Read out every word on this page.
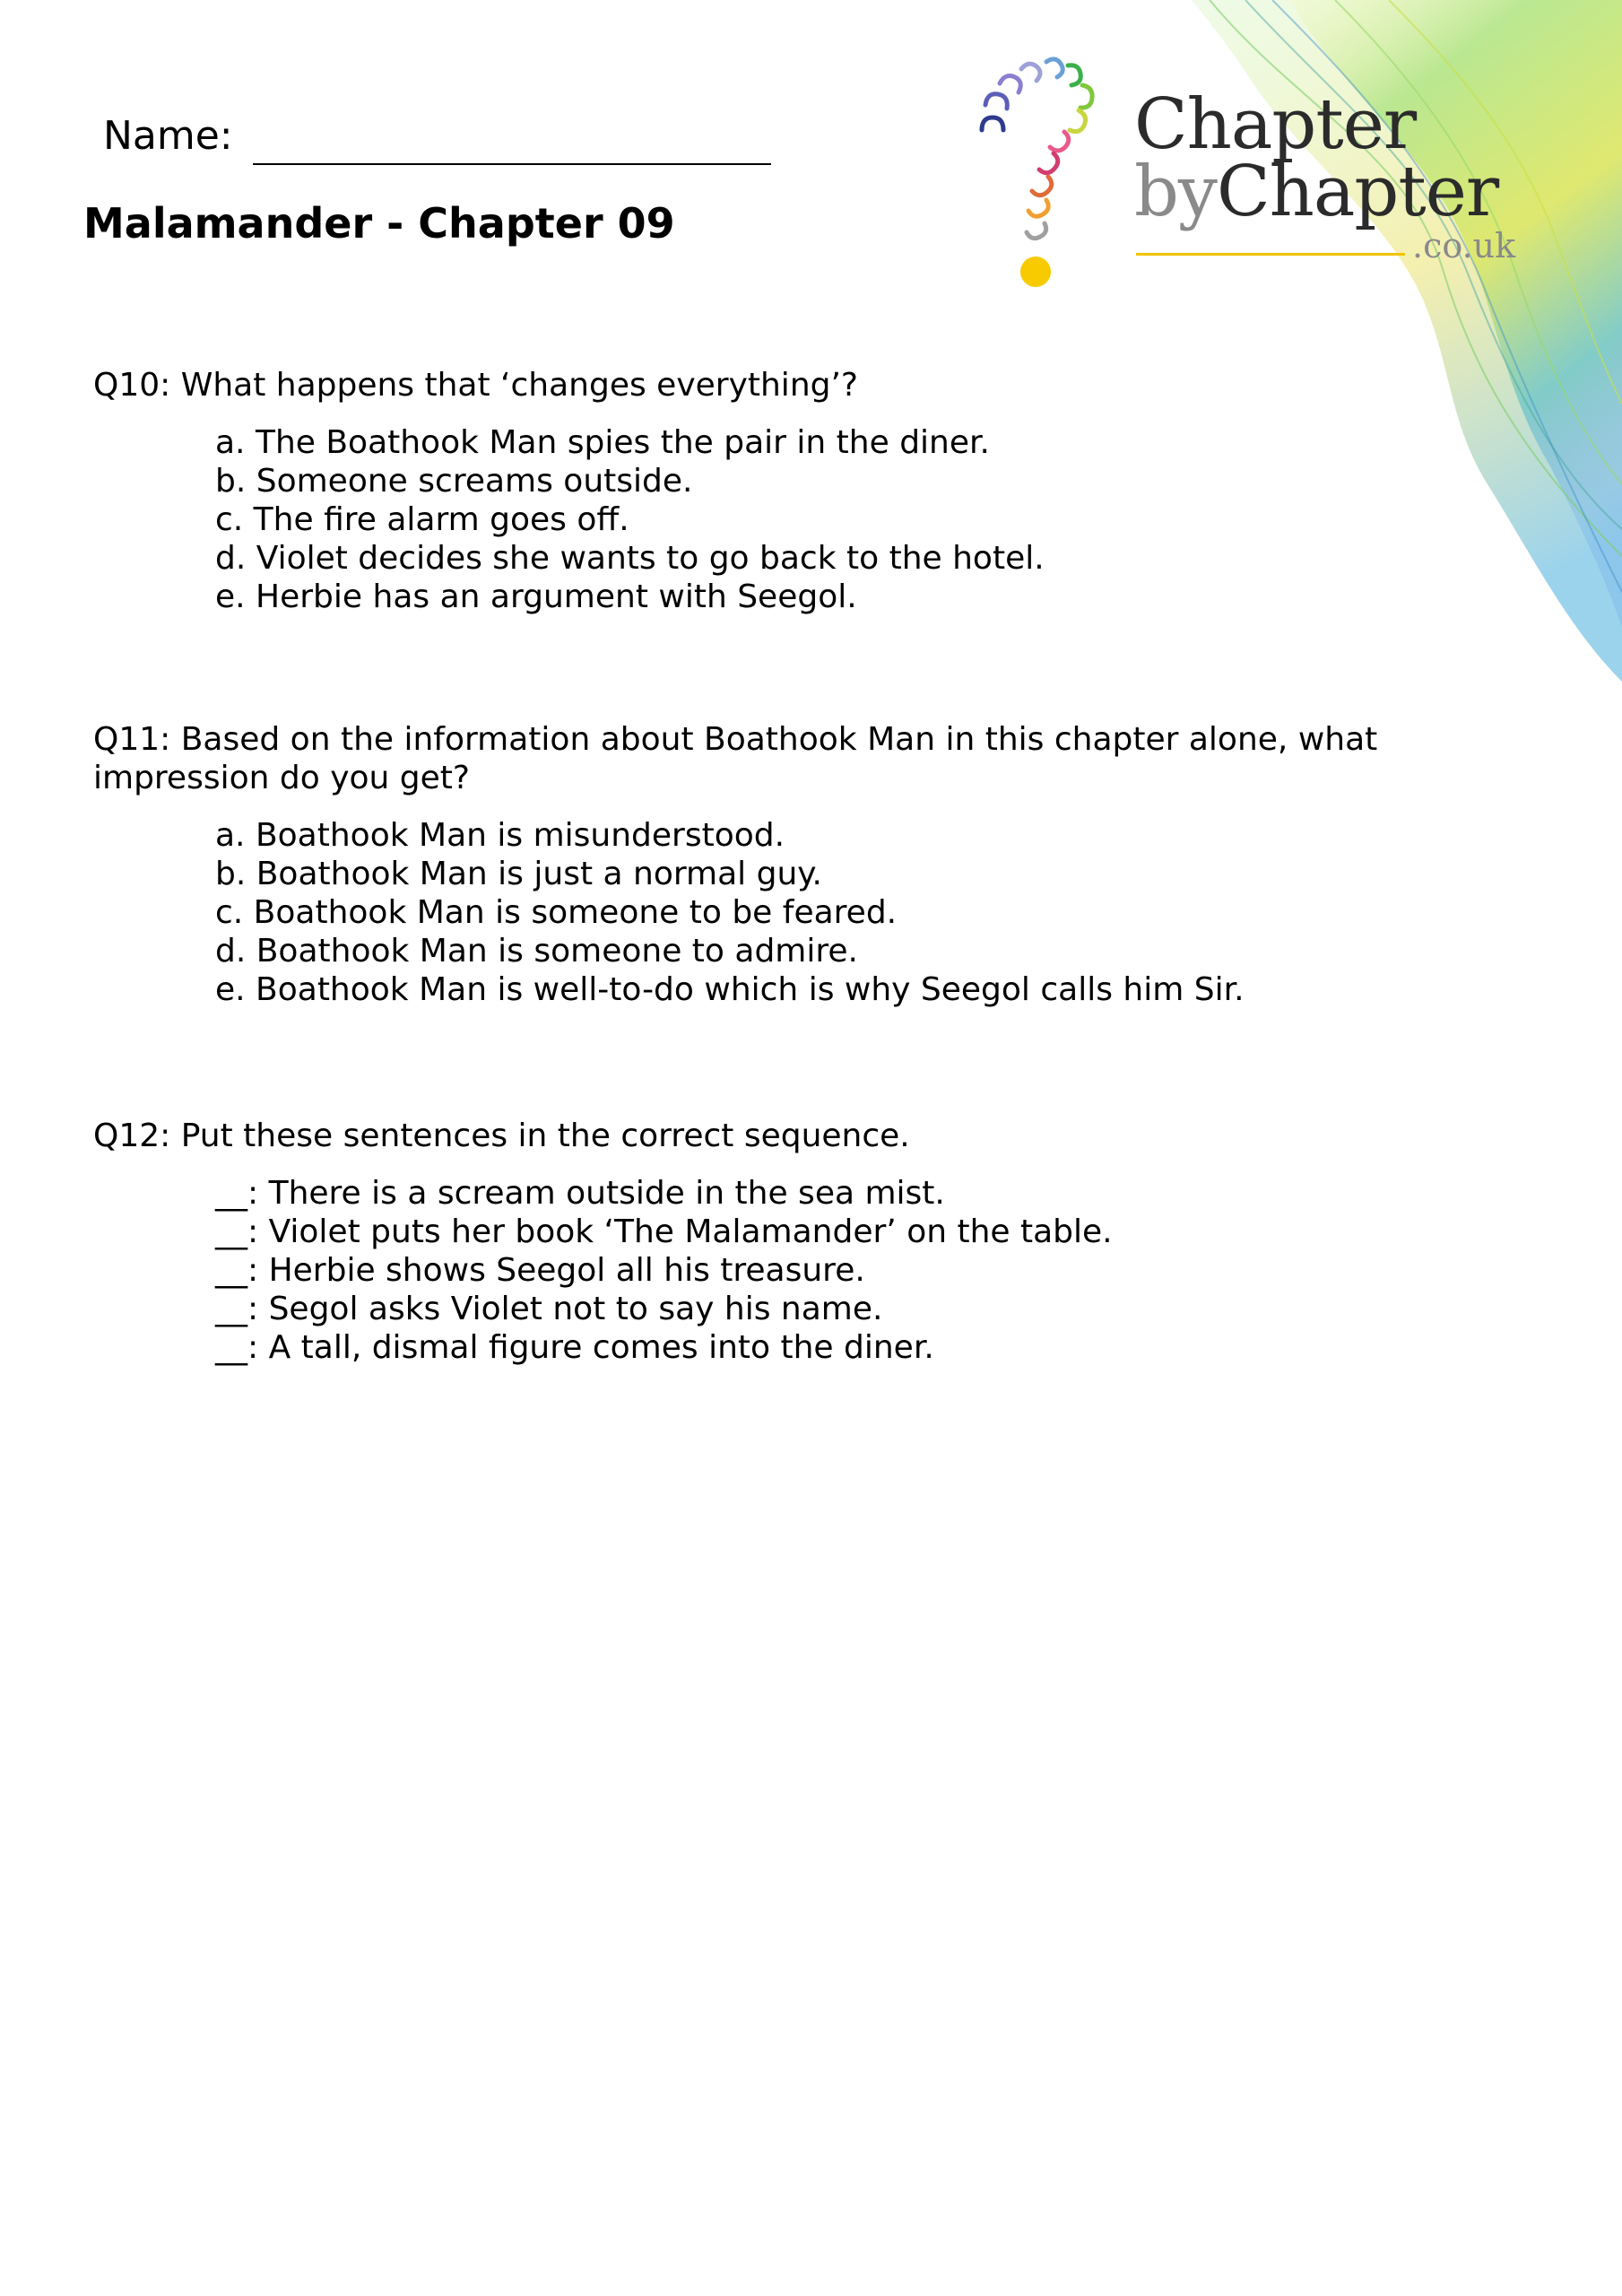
Chapter
byChapter
.co.uk
Name:
Malamander - Chapter 09

Q10: What happens that ‘changes everything’?

a. The Boathook Man spies the pair in the diner.
b. Someone screams outside.
c. The fire alarm goes off.
d. Violet decides she wants to go back to the hotel.
e. Herbie has an argument with Seegol.

Q11: Based on the information about Boathook Man in this chapter alone, what impression do you get?

a. Boathook Man is misunderstood.
b. Boathook Man is just a normal guy.
c. Boathook Man is someone to be feared.
d. Boathook Man is someone to admire.
e. Boathook Man is well-to-do which is why Seegol calls him Sir.

Q12: Put these sentences in the correct sequence.

__: There is a scream outside in the sea mist.
__: Violet puts her book ‘The Malamander’ on the table.
__: Herbie shows Seegol all his treasure.
__: Segol asks Violet not to say his name.
__: A tall, dismal figure comes into the diner.
